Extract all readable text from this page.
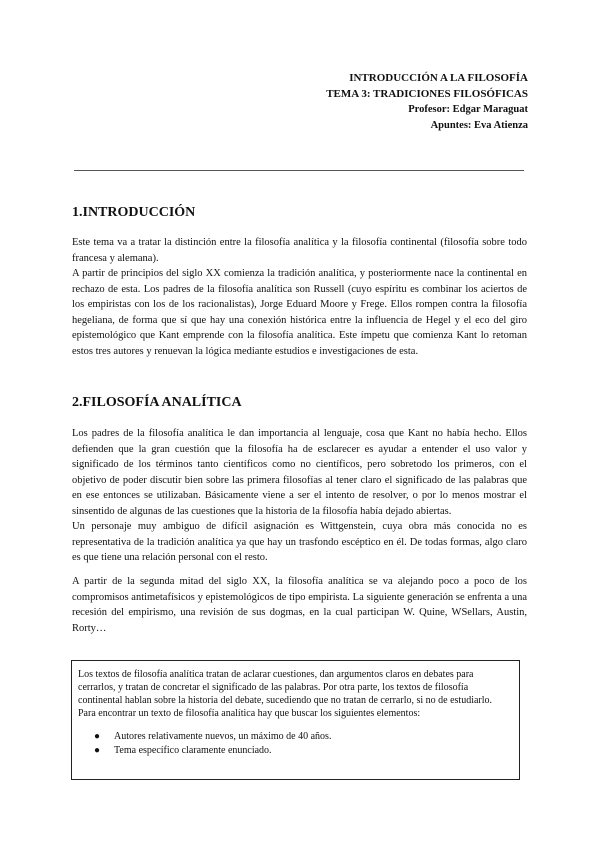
INTRODUCCIÓN A LA FILOSOFÍA
TEMA 3: TRADICIONES FILOSÓFICAS
Profesor: Edgar Maraguat
Apuntes: Eva Atienza
1.INTRODUCCIÓN

Este tema va a tratar la distinción entre la filosofía analítica y la filosofía continental (filosofía sobre todo francesa y alemana).

A partir de principios del siglo XX comienza la tradición analítica, y posteriormente nace la continental en rechazo de esta. Los padres de la filosofía analítica son Russell (cuyo espíritu es combinar los aciertos de los empiristas con los de los racionalistas), Jorge Eduard Moore y Frege. Ellos rompen contra la filosofía hegeliana, de forma que sí que hay una conexión histórica entre la influencia de Hegel y el eco del giro epistemológico que Kant emprende con la filosofía analítica. Este ímpetu que comienza Kant lo retoman estos tres autores y renuevan la lógica mediante estudios e investigaciones de esta.

2.FILOSOFÍA ANALÍTICA

Los padres de la filosofía analítica le dan importancia al lenguaje, cosa que Kant no había hecho. Ellos defienden que la gran cuestión que la filosofía ha de esclarecer es ayudar a entender el uso valor y significado de los términos tanto científicos como no científicos, pero sobretodo los primeros, con el objetivo de poder discutir bien sobre las primera filosofías al tener claro el significado de las palabras que en ese entonces se utilizaban. Básicamente viene a ser el intento de resolver, o por lo menos mostrar el sinsentido de algunas de las cuestiones que la historia de la filosofía había dejado abiertas.

Un personaje muy ambiguo de difícil asignación es Wittgenstein, cuya obra más conocida no es representativa de la tradición analítica ya que hay un trasfondo escéptico en él. De todas formas, algo claro es que tiene una relación personal con el resto.

A partir de la segunda mitad del siglo XX, la filosofía analítica se va alejando poco a poco de los compromisos antimetafísicos y epistemológicos de tipo empirista. La siguiente generación se enfrenta a una recesión del empirismo, una revisión de sus dogmas, en la cual participan W. Quine, WSellars, Austin, Rorty…

Los textos de filosofía analítica tratan de aclarar cuestiones, dan argumentos claros en debates para cerrarlos, y tratan de concretar el significado de las palabras. Por otra parte, los textos de filosofía continental hablan sobre la historia del debate, sucediendo que no tratan de cerrarlo, si no de estudiarlo.

Para encontrar un texto de filosofía analítica hay que buscar los siguientes elementos:

● Autores relativamente nuevos, un máximo de 40 años.
● Tema específico claramente enunciado.
